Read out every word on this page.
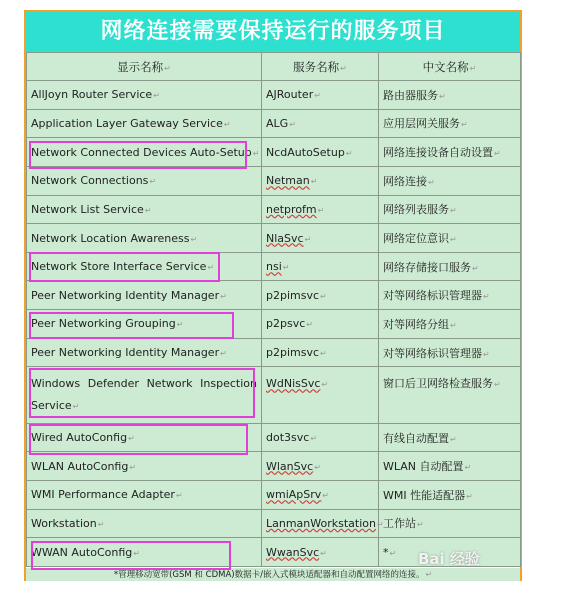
网络连接需要保持运行的服务项目
显示名称↵	服务名称↵	中文名称↵
AllJoyn Router Service↵	AJRouter↵	路由器服务↵
Application Layer Gateway Service↵	ALG↵	应用层网关服务↵
Network Connected Devices Auto-Setup↵	NcdAutoSetup↵	网络连接设备自动设置↵
Network Connections↵	Netman↵	网络连接↵
Network List Service↵	netprofm↵	网络列表服务↵
Network Location Awareness↵	NlaSvc↵	网络定位意识↵
Network Store Interface Service↵	nsi↵	网络存储接口服务↵
Peer Networking Identity Manager↵	p2pimsvc↵	对等网络标识管理器↵
Peer Networking Grouping↵	p2psvc↵	对等网络分组↵
Peer Networking Identity Manager↵	p2pimsvc↵	对等网络标识管理器↵
Windows Defender Network Inspection Service↵	WdNisSvc↵	窗口后卫网络检查服务↵
Wired AutoConfig↵	dot3svc↵	有线自动配置↵
WLAN AutoConfig↵	WlanSvc↵	WLAN 自动配置↵
WMI Performance Adapter↵	wmiApSrv↵	WMI 性能适配器↵
Workstation↵	LanmanWorkstation↵	工作站↵
WWAN AutoConfig↵	WwanSvc↵	*↵
*管理移动宽带(GSM 和 CDMA)数据卡/嵌入式模块适配器和自动配置网络的连接。↵
Bai 经验
